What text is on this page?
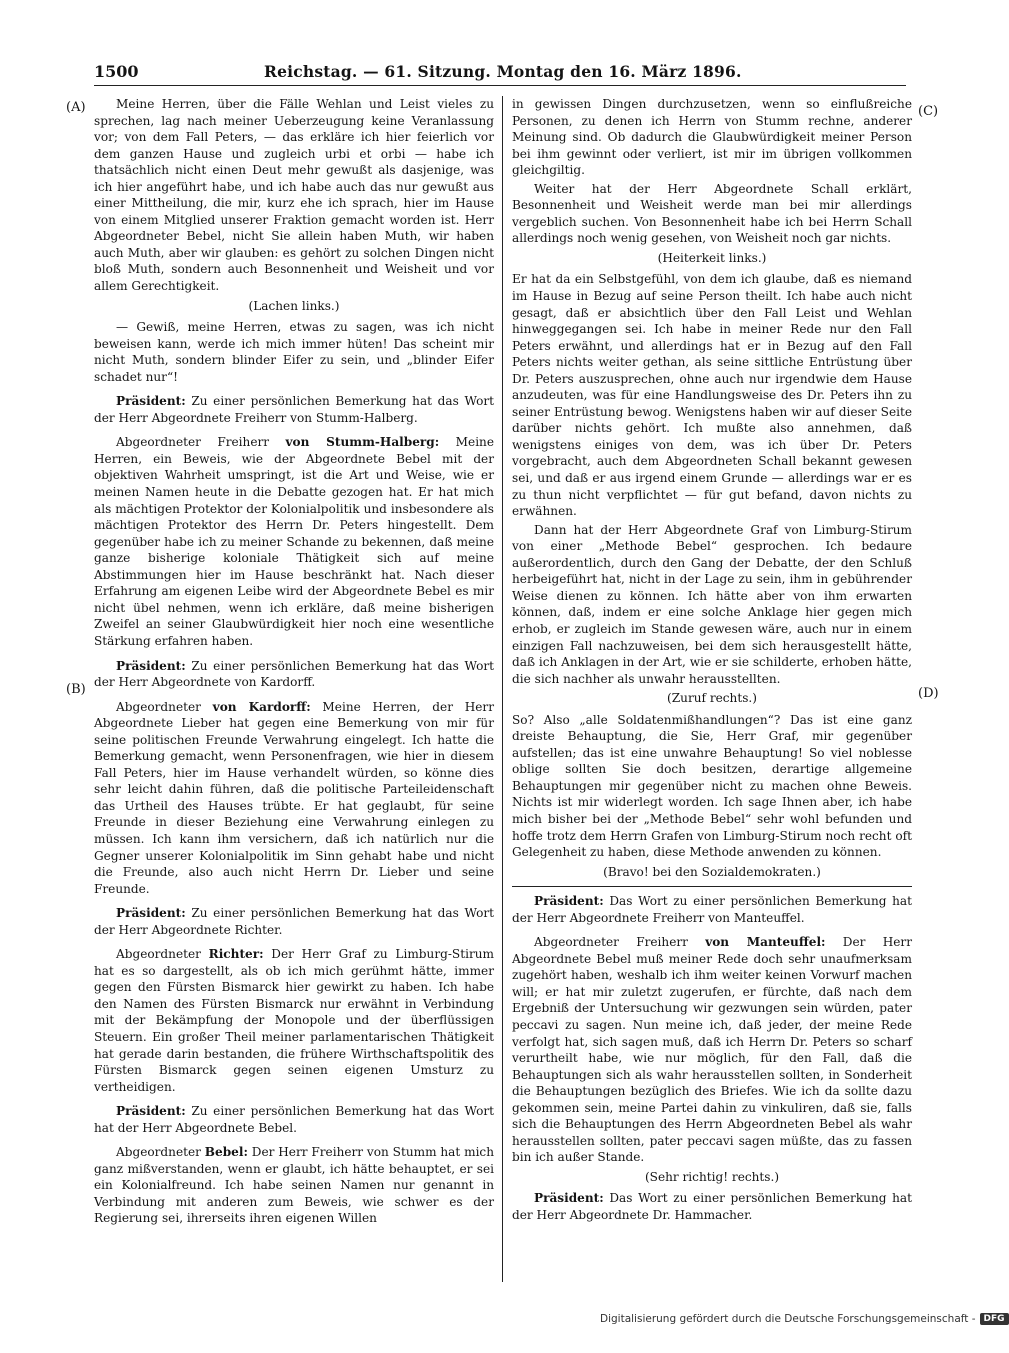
1500	Reichstag. — 61. Sitzung. Montag den 16. März 1896.
(A)
(B)
(C)
(D)

Meine Herren, über die Fälle Wehlan und Leist vieles zu sprechen, lag nach meiner Ueberzeugung keine Veranlassung vor; von dem Fall Peters, — das erkläre ich hier feierlich vor dem ganzen Hause und zugleich urbi et orbi — habe ich thatsächlich nicht einen Deut mehr gewußt als dasjenige, was ich hier angeführt habe, und ich habe auch das nur gewußt aus einer Mittheilung, die mir, kurz ehe ich sprach, hier im Hause von einem Mitglied unserer Fraktion gemacht worden ist. Herr Abgeordneter Bebel, nicht Sie allein haben Muth, wir haben auch Muth, aber wir glauben: es gehört zu solchen Dingen nicht bloß Muth, sondern auch Besonnenheit und Weisheit und vor allem Gerechtigkeit.

(Lachen links.)

— Gewiß, meine Herren, etwas zu sagen, was ich nicht beweisen kann, werde ich mich immer hüten! Das scheint mir nicht Muth, sondern blinder Eifer zu sein, und „blinder Eifer schadet nur“!

Präsident: Zu einer persönlichen Bemerkung hat das Wort der Herr Abgeordnete Freiherr von Stumm-Halberg.

Abgeordneter Freiherr von Stumm-Halberg: Meine Herren, ein Beweis, wie der Abgeordnete Bebel mit der objektiven Wahrheit umspringt, ist die Art und Weise, wie er meinen Namen heute in die Debatte gezogen hat. Er hat mich als mächtigen Protektor der Kolonialpolitik und insbesondere als mächtigen Protektor des Herrn Dr. Peters hingestellt. Dem gegenüber habe ich zu meiner Schande zu bekennen, daß meine ganze bisherige koloniale Thätigkeit sich auf meine Abstimmungen hier im Hause beschränkt hat. Nach dieser Erfahrung am eigenen Leibe wird der Abgeordnete Bebel es mir nicht übel nehmen, wenn ich erkläre, daß meine bisherigen Zweifel an seiner Glaubwürdigkeit hier noch eine wesentliche Stärkung erfahren haben.

Präsident: Zu einer persönlichen Bemerkung hat das Wort der Herr Abgeordnete von Kardorff.

Abgeordneter von Kardorff: Meine Herren, der Herr Abgeordnete Lieber hat gegen eine Bemerkung von mir für seine politischen Freunde Verwahrung eingelegt. Ich hatte die Bemerkung gemacht, wenn Personenfragen, wie hier in diesem Fall Peters, hier im Hause verhandelt würden, so könne dies sehr leicht dahin führen, daß die politische Parteileidenschaft das Urtheil des Hauses trübte. Er hat geglaubt, für seine Freunde in dieser Beziehung eine Verwahrung einlegen zu müssen. Ich kann ihm versichern, daß ich natürlich nur die Gegner unserer Kolonialpolitik im Sinn gehabt habe und nicht die Freunde, also auch nicht Herrn Dr. Lieber und seine Freunde.

Präsident: Zu einer persönlichen Bemerkung hat das Wort der Herr Abgeordnete Richter.

Abgeordneter Richter: Der Herr Graf zu Limburg-Stirum hat es so dargestellt, als ob ich mich gerühmt hätte, immer gegen den Fürsten Bismarck hier gewirkt zu haben. Ich habe den Namen des Fürsten Bismarck nur erwähnt in Verbindung mit der Bekämpfung der Monopole und der überflüssigen Steuern. Ein großer Theil meiner parlamentarischen Thätigkeit hat gerade darin bestanden, die frühere Wirthschaftspolitik des Fürsten Bismarck gegen seinen eigenen Umsturz zu vertheidigen.

Präsident: Zu einer persönlichen Bemerkung hat das Wort hat der Herr Abgeordnete Bebel.

Abgeordneter Bebel: Der Herr Freiherr von Stumm hat mich ganz mißverstanden, wenn er glaubt, ich hätte behauptet, er sei ein Kolonialfreund. Ich habe seinen Namen nur genannt in Verbindung mit anderen zum Beweis, wie schwer es der Regierung sei, ihrerseits ihren eigenen Willen

in gewissen Dingen durchzusetzen, wenn so einflußreiche Personen, zu denen ich Herrn von Stumm rechne, anderer Meinung sind. Ob dadurch die Glaubwürdigkeit meiner Person bei ihm gewinnt oder verliert, ist mir im übrigen vollkommen gleichgiltig.

Weiter hat der Herr Abgeordnete Schall erklärt, Besonnenheit und Weisheit werde man bei mir allerdings vergeblich suchen. Von Besonnenheit habe ich bei Herrn Schall allerdings noch wenig gesehen, von Weisheit noch gar nichts.

(Heiterkeit links.)

Er hat da ein Selbstgefühl, von dem ich glaube, daß es niemand im Hause in Bezug auf seine Person theilt. Ich habe auch nicht gesagt, daß er absichtlich über den Fall Leist und Wehlan hinweggegangen sei. Ich habe in meiner Rede nur den Fall Peters erwähnt, und allerdings hat er in Bezug auf den Fall Peters nichts weiter gethan, als seine sittliche Entrüstung über Dr. Peters auszusprechen, ohne auch nur irgendwie dem Hause anzudeuten, was für eine Handlungsweise des Dr. Peters ihn zu seiner Entrüstung bewog. Wenigstens haben wir auf dieser Seite darüber nichts gehört. Ich mußte also annehmen, daß wenigstens einiges von dem, was ich über Dr. Peters vorgebracht, auch dem Abgeordneten Schall bekannt gewesen sei, und daß er aus irgend einem Grunde — allerdings war er es zu thun nicht verpflichtet — für gut befand, davon nichts zu erwähnen.

Dann hat der Herr Abgeordnete Graf von Limburg-Stirum von einer „Methode Bebel“ gesprochen. Ich bedaure außerordentlich, durch den Gang der Debatte, der den Schluß herbeigeführt hat, nicht in der Lage zu sein, ihm in gebührender Weise dienen zu können. Ich hätte aber von ihm erwarten können, daß, indem er eine solche Anklage hier gegen mich erhob, er zugleich im Stande gewesen wäre, auch nur in einem einzigen Fall nachzuweisen, bei dem sich herausgestellt hätte, daß ich Anklagen in der Art, wie er sie schilderte, erhoben hätte, die sich nachher als unwahr herausstellten.

(Zuruf rechts.)

So? Also „alle Soldatenmißhandlungen“? Das ist eine ganz dreiste Behauptung, die Sie, Herr Graf, mir gegenüber aufstellen; das ist eine unwahre Behauptung! So viel noblesse oblige sollten Sie doch besitzen, derartige allgemeine Behauptungen mir gegenüber nicht zu machen ohne Beweis. Nichts ist mir widerlegt worden. Ich sage Ihnen aber, ich habe mich bisher bei der „Methode Bebel“ sehr wohl befunden und hoffe trotz dem Herrn Grafen von Limburg-Stirum noch recht oft Gelegenheit zu haben, diese Methode anwenden zu können.

(Bravo! bei den Sozialdemokraten.)

Präsident: Das Wort zu einer persönlichen Bemerkung hat der Herr Abgeordnete Freiherr von Manteuffel.

Abgeordneter Freiherr von Manteuffel: Der Herr Abgeordnete Bebel muß meiner Rede doch sehr unaufmerksam zugehört haben, weshalb ich ihm weiter keinen Vorwurf machen will; er hat mir zuletzt zugerufen, er fürchte, daß nach dem Ergebniß der Untersuchung wir gezwungen sein würden, pater peccavi zu sagen. Nun meine ich, daß jeder, der meine Rede verfolgt hat, sich sagen muß, daß ich Herrn Dr. Peters so scharf verurtheilt habe, wie nur möglich, für den Fall, daß die Behauptungen sich als wahr herausstellen sollten, in Sonderheit die Behauptungen bezüglich des Briefes. Wie ich da sollte dazu gekommen sein, meine Partei dahin zu vinkuliren, daß sie, falls sich die Behauptungen des Herrn Abgeordneten Bebel als wahr herausstellen sollten, pater peccavi sagen müßte, das zu fassen bin ich außer Stande.

(Sehr richtig! rechts.)

Präsident: Das Wort zu einer persönlichen Bemerkung hat der Herr Abgeordnete Dr. Hammacher.

Digitalisierung gefördert durch die Deutsche Forschungsgemeinschaft - DFG
